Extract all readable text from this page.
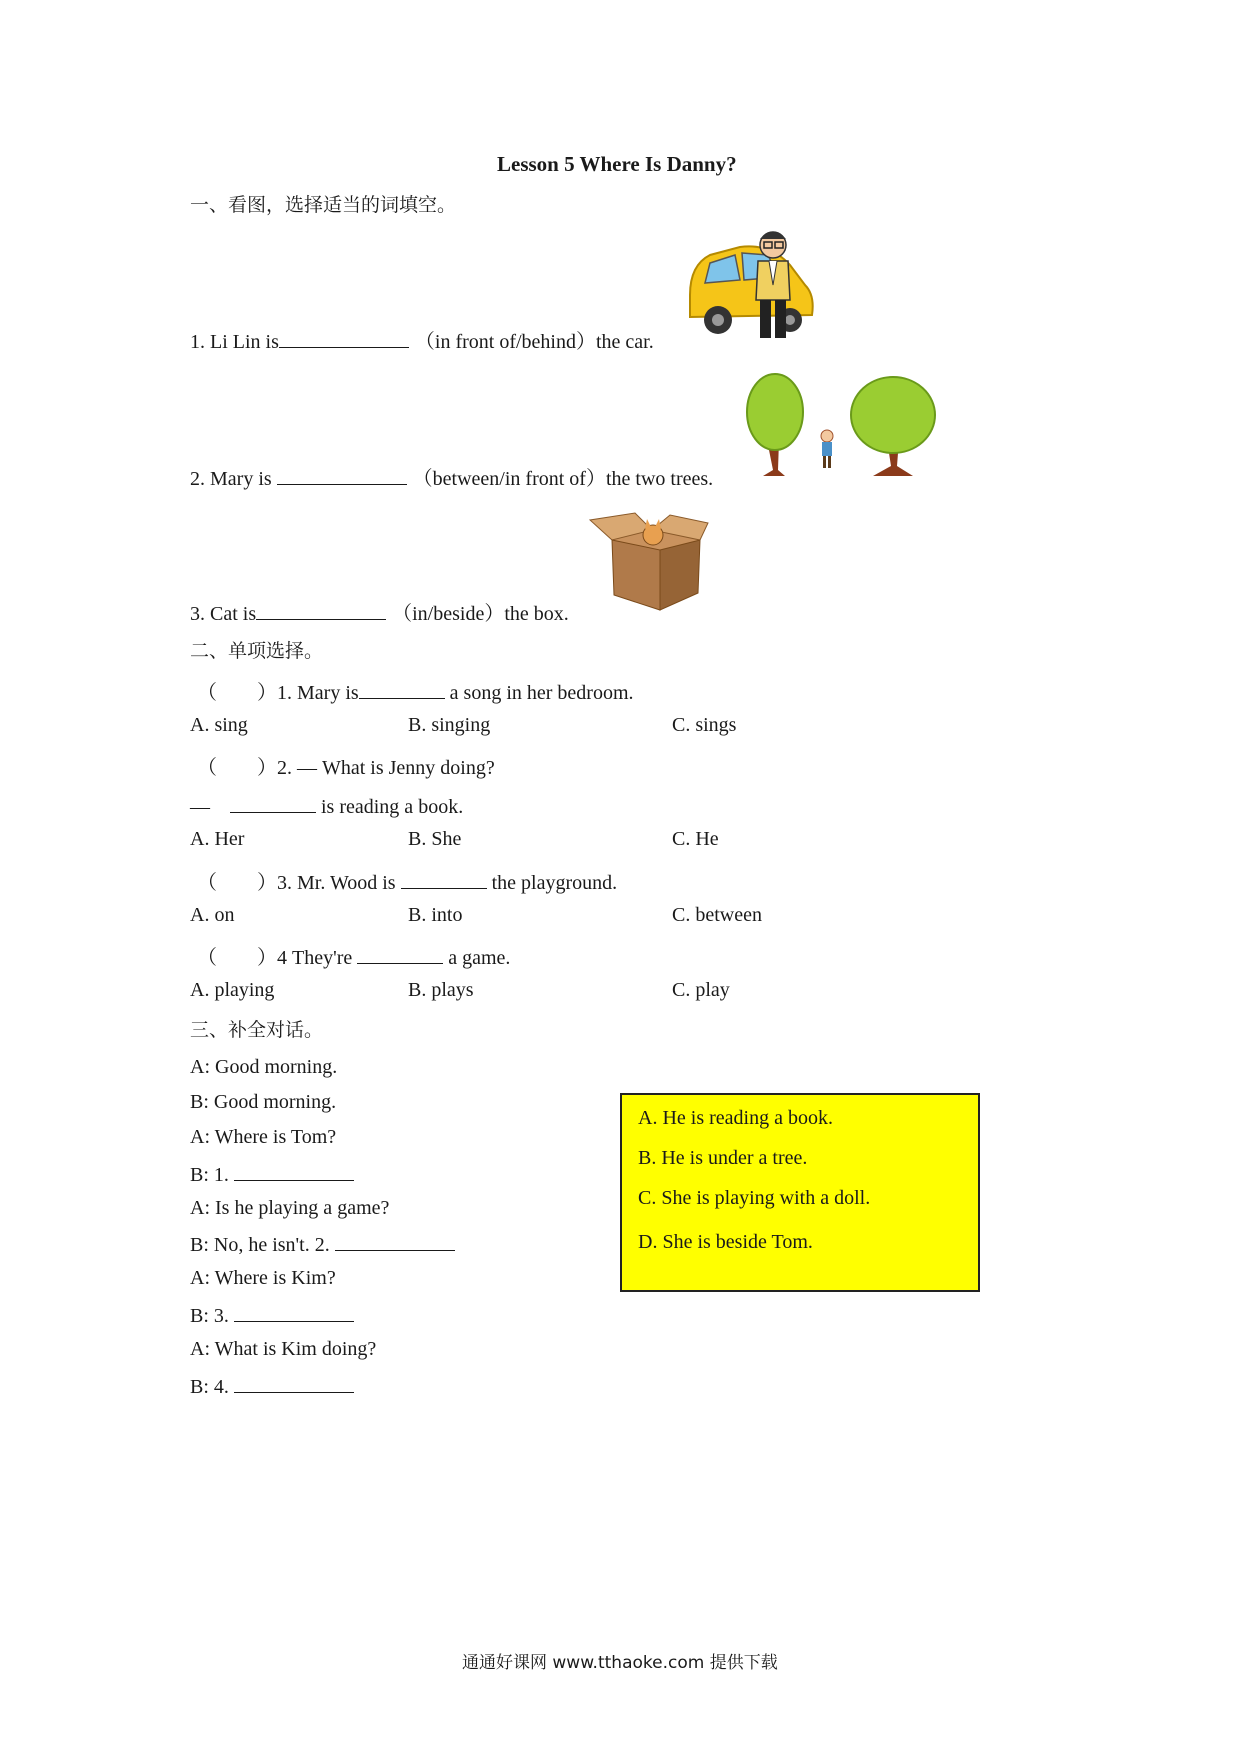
Lesson 5 Where Is Danny?
一、看图，选择适当的词填空。
1. Li Lin is	（in front of/behind）the car.
2. Mary is	（between/in front of）the two trees.
3. Cat is	（in/beside）the box.
二、单项选择。
（　　）1. Mary is	a song in her bedroom.
A. sing	B. singing	C. sings
（　　）2. — What is Jenny doing?
—　	is reading a book.
A. Her	B. She	C. He
（　　）3. Mr. Wood is	the playground.
A. on	B. into	C. between
（　　）4 They're	a game.
A. playing	B. plays	C. play
三、补全对话。
A: Good morning.
B: Good morning.
A: Where is Tom?
B: 1.
A: Is he playing a game?
B: No, he isn't. 2.
A: Where is Kim?
B: 3.
A: What is Kim doing?
B: 4.
A. He is reading a book.
B. He is under a tree.
C. She is playing with a doll.
D. She is beside Tom.
通通好课网 www.tthaoke.com 提供下载
